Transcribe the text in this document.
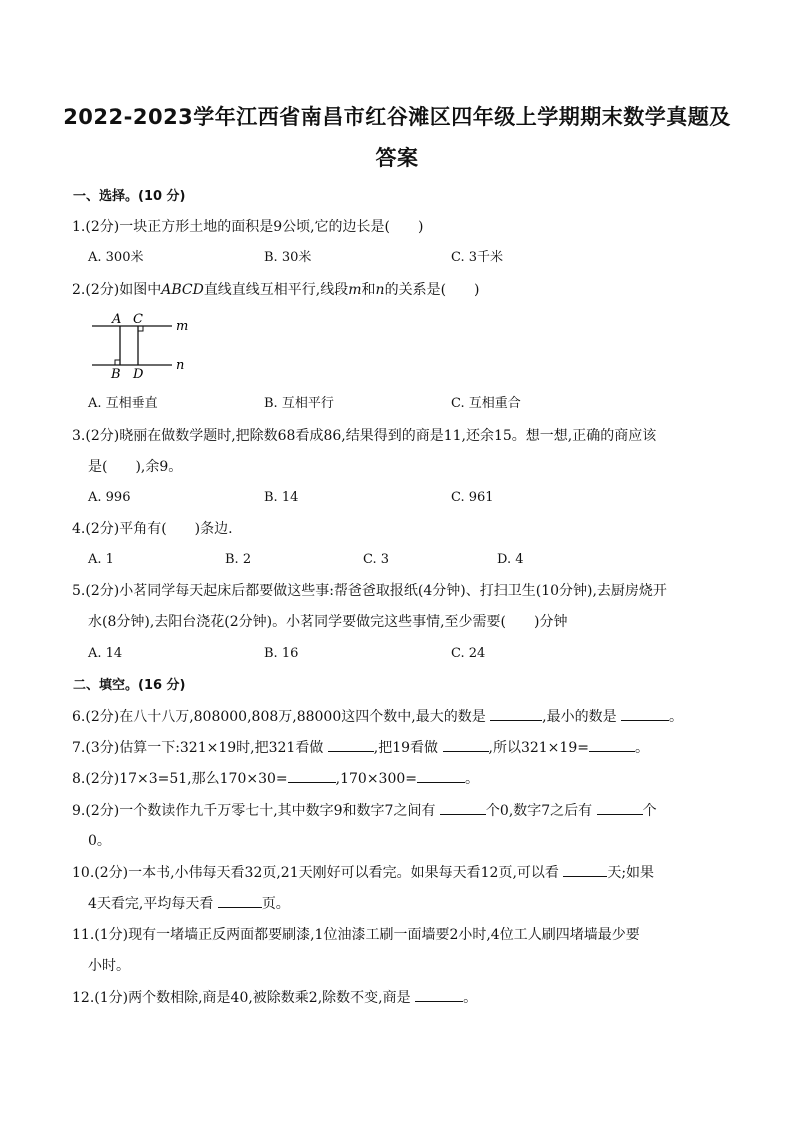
2022-2023学年江西省南昌市红谷滩区四年级上学期期末数学真题及
答案
一、选择。(10 分)
1.(2分)一块正方形土地的面积是9公顷,它的边长是(　　)
A. 300米	B. 30米	C. 3千米
2.(2分)如图中ABCD直线直线互相平行,线段m和n的关系是(　　)
A C
B D
m
n
A. 互相垂直	B. 互相平行	C. 互相重合
3.(2分)晓丽在做数学题时,把除数68看成86,结果得到的商是11,还余15。想一想,正确的商应该
是(　　),余9。
A. 996	B. 14	C. 961
4.(2分)平角有(　　)条边.
A. 1	B. 2	C. 3	D. 4
5.(2分)小茗同学每天起床后都要做这些事:帮爸爸取报纸(4分钟)、打扫卫生(10分钟),去厨房烧开
水(8分钟),去阳台浇花(2分钟)。小茗同学要做完这些事情,至少需要(　　)分钟
A. 14	B. 16	C. 24
二、填空。(16 分)
6.(2分)在八十八万,808000,808万,88000这四个数中,最大的数是	,最小的数是	。
7.(3分)估算一下:321×19时,把321看做	,把19看做	,所以321×19=	。
8.(2分)17×3=51,那么170×30=	,170×300=	。
9.(2分)一个数读作九千万零七十,其中数字9和数字7之间有	个0,数字7之后有	个
0。
10.(2分)一本书,小伟每天看32页,21天刚好可以看完。如果每天看12页,可以看	天;如果
4天看完,平均每天看	页。
11.(1分)现有一堵墙正反两面都要刷漆,1位油漆工刷一面墙要2小时,4位工人刷四堵墙最少要
小时。
12.(1分)两个数相除,商是40,被除数乘2,除数不变,商是	。
